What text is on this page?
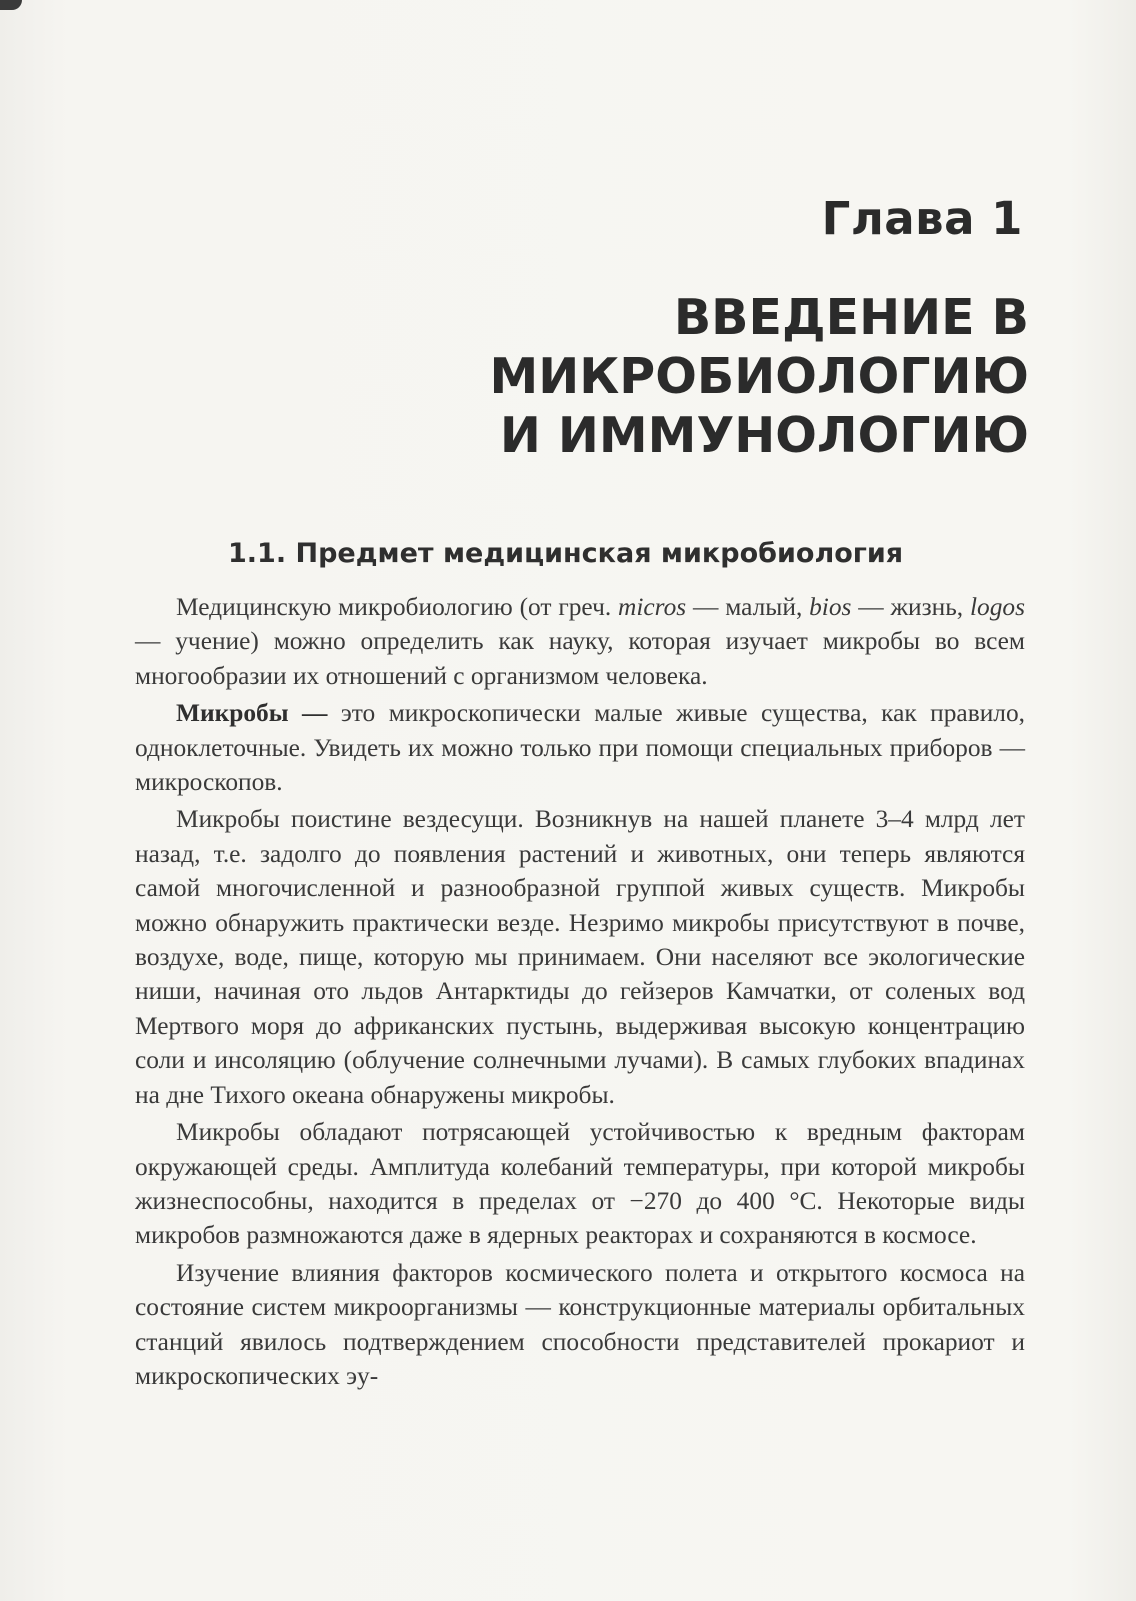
Глава 1
ВВЕДЕНИЕ В МИКРОБИОЛОГИЮ
И ИММУНОЛОГИЮ
1.1. Предмет медицинская микробиология

Медицинскую микробиологию (от греч. micros — малый, bios — жизнь, logos — учение) можно определить как науку, которая изучает микробы во всем многообразии их отношений с организмом человека.

Микробы — это микроскопически малые живые существа, как правило, одноклеточные. Увидеть их можно только при помощи специальных приборов — микроскопов.

Микробы поистине вездесущи. Возникнув на нашей планете 3–4 млрд лет назад, т.е. задолго до появления растений и животных, они теперь являются самой многочисленной и разнообразной группой живых существ. Микробы можно обнаружить практически везде. Незримо микробы присутствуют в почве, воздухе, воде, пище, которую мы принимаем. Они населяют все экологические ниши, начиная ото льдов Антарктиды до гейзеров Камчатки, от соленых вод Мертвого моря до африканских пустынь, выдерживая высокую концентрацию соли и инсоляцию (облучение солнечными лучами). В самых глубоких впадинах на дне Тихого океана обнаружены микробы.

Микробы обладают потрясающей устойчивостью к вредным факторам окружающей среды. Амплитуда колебаний температуры, при которой микробы жизнеспособны, находится в пределах от −270 до 400 °С. Некоторые виды микробов размножаются даже в ядерных реакторах и сохраняются в космосе.

Изучение влияния факторов космического полета и открытого космоса на состояние систем микроорганизмы — конструкционные материалы орбитальных станций явилось подтверждением способности представителей прокариот и микроскопических эу-
